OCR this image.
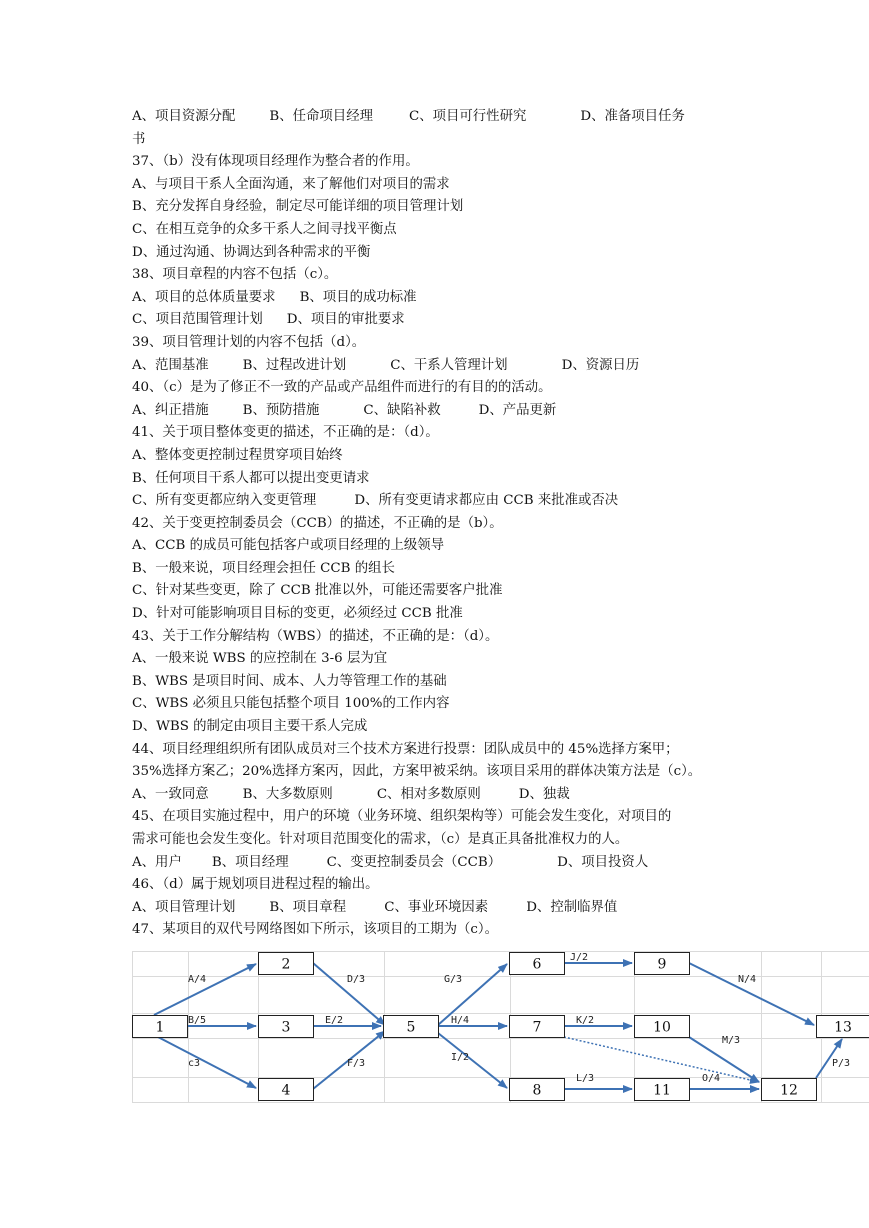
A、项目资源分配	B、任命项目经理	C、项目可行性研究	D、准备项目任务
书
37、（b）没有体现项目经理作为整合者的作用。
A、与项目干系人全面沟通，来了解他们对项目的需求
B、充分发挥自身经验，制定尽可能详细的项目管理计划
C、在相互竞争的众多干系人之间寻找平衡点
D、通过沟通、协调达到各种需求的平衡
38、项目章程的内容不包括（c）。
A、项目的总体质量要求 B、项目的成功标准
C、项目范围管理计划 D、项目的审批要求
39、项目管理计划的内容不包括（d）。
A、范围基准	B、过程改进计划	C、干系人管理计划	D、资源日历
40、（c）是为了修正不一致的产品或产品组件而进行的有目的的活动。
A、纠正措施	B、预防措施	C、缺陷补救	D、产品更新
41、关于项目整体变更的描述，不正确的是：（d）。
A、整体变更控制过程贯穿项目始终
B、任何项目干系人都可以提出变更请求
C、所有变更都应纳入变更管理	D、所有变更请求都应由 CCB 来批准或否决
42、关于变更控制委员会（CCB）的描述，不正确的是（b）。
A、CCB 的成员可能包括客户或项目经理的上级领导
B、一般来说，项目经理会担任 CCB 的组长
C、针对某些变更，除了 CCB 批准以外，可能还需要客户批准
D、针对可能影响项目目标的变更，必须经过 CCB 批准
43、关于工作分解结构（WBS）的描述，不正确的是：（d）。
A、一般来说 WBS 的应控制在 3-6 层为宜
B、WBS 是项目时间、成本、人力等管理工作的基础
C、WBS 必须且只能包括整个项目 100%的工作内容
D、WBS 的制定由项目主要干系人完成
44、项目经理组织所有团队成员对三个技术方案进行投票：团队成员中的 45%选择方案甲；
35%选择方案乙；20%选择方案丙，因此，方案甲被采纳。该项目采用的群体决策方法是（c）。
A、一致同意	B、大多数原则	C、相对多数原则	D、独裁
45、在项目实施过程中，用户的环境（业务环境、组织架构等）可能会发生变化，对项目的
需求可能也会发生变化。针对项目范围变化的需求，（c）是真正具备批准权力的人。
A、用户 B、项目经理	C、变更控制委员会（CCB）	D、项目投资人
46、（d）属于规划项目进程过程的输出。
A、项目管理计划	B、项目章程	C、事业环境因素	D、控制临界值
47、某项目的双代号网络图如下所示，该项目的工期为（c）。
A/4
B/5
c3
D/3
E/2
F/3
G/3
H/4
I/2
J/2
K/2
L/3
N/4
M/3
O/4
P/3
1
2
3
4
5
6
7
8
9
10
11	12
13
